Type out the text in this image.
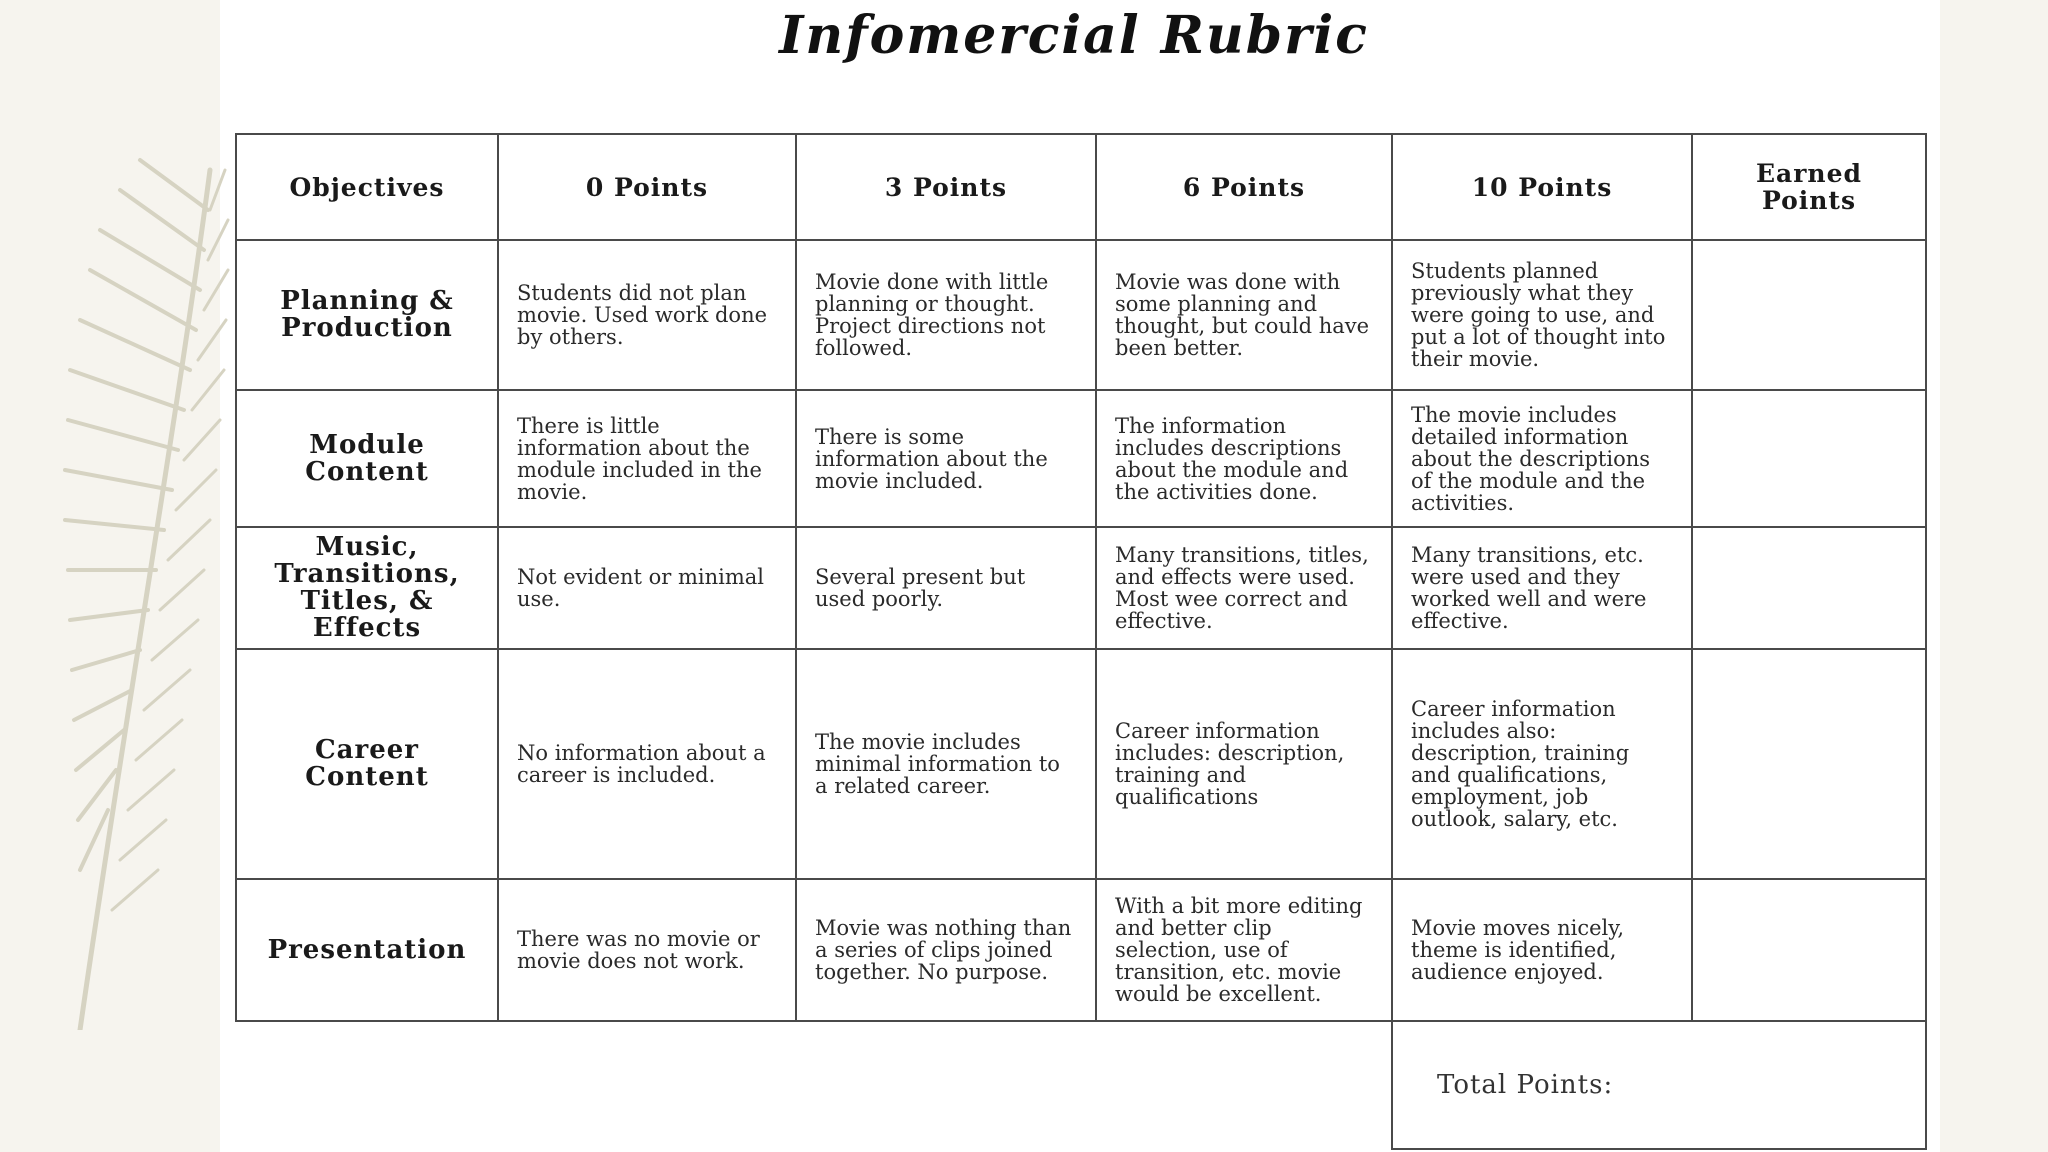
Infomercial Rubric
Objectives	0 Points	3 Points	6 Points	10 Points	Earned Points
Planning & Production	Students did not plan movie. Used work done by others.	Movie done with little planning or thought. Project directions not followed.	Movie was done with some planning and thought, but could have been better.	Students planned previously what they were going to use, and put a lot of thought into their movie.	
Module Content	There is little information about the module included in the movie.	There is some information about the movie included.	The information includes descriptions about the module and the activities done.	The movie includes detailed information about the descriptions of the module and the activities.	
Music, Transitions, Titles, & Effects	Not evident or minimal use.	Several present but used poorly.	Many transitions, titles, and effects were used. Most wee correct and effective.	Many transitions, etc. were used and they worked well and were effective.	
Career Content	No information about a career is included.	The movie includes minimal information to a related career.	Career information includes: description, training and qualifications	Career information includes also: description, training and qualifications, employment, job outlook, salary, etc.	
Presentation	There was no movie or movie does not work.	Movie was nothing than a series of clips joined together. No purpose.	With a bit more editing and better clip selection, use of transition, etc. movie would be excellent.	Movie moves nicely, theme is identified, audience enjoyed.	
				Total Points:	
